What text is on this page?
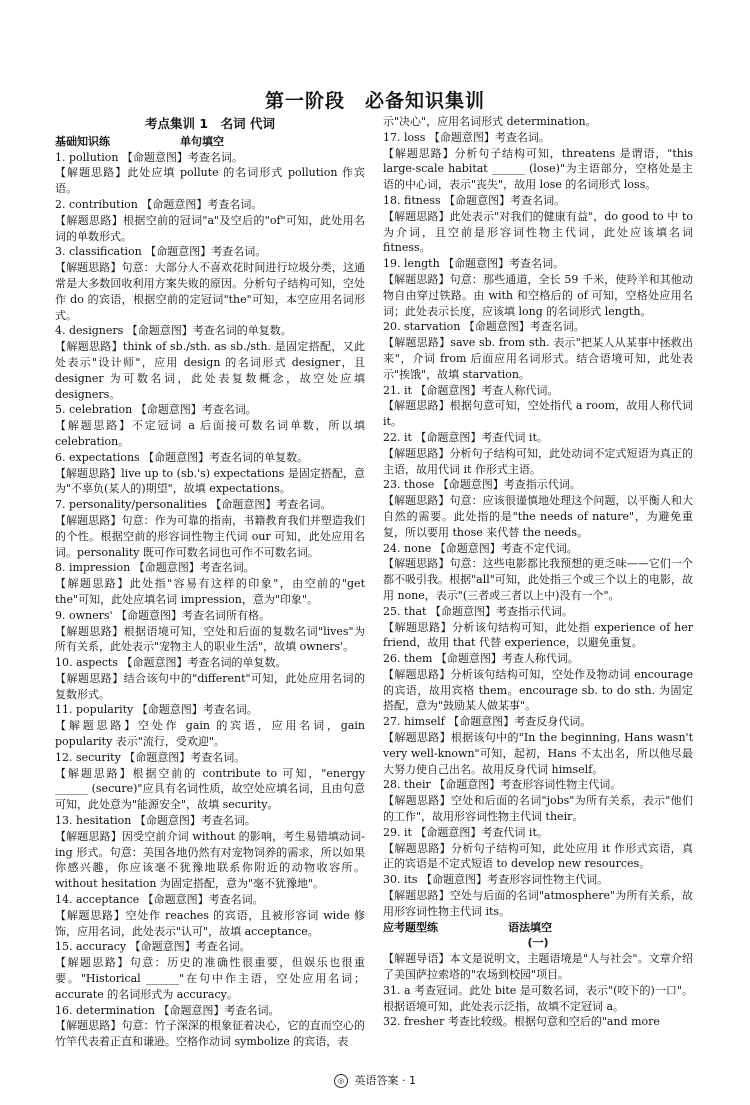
第一阶段　必备知识集训
考点集训 1　名词 代词
基础知识练	单句填空

1. pollution 【命题意图】考查名词。

【解题思路】此处应填 pollute 的名词形式 pollution 作宾语。

2. contribution 【命题意图】考查名词。

【解题思路】根据空前的冠词"a"及空后的"of"可知，此处用名词的单数形式。

3. classification 【命题意图】考查名词。

【解题思路】句意：大部分人不喜欢花时间进行垃圾分类，这通常是大多数回收利用方案失败的原因。分析句子结构可知，空处作 do 的宾语，根据空前的定冠词"the"可知，本空应用名词形式。

4. designers 【命题意图】考查名词的单复数。

【解题思路】think of sb./sth. as sb./sth. 是固定搭配，又此处表示"设计师"，应用 design 的名词形式 designer，且 designer 为可数名词，此处表复数概念，故空处应填 designers。

5. celebration 【命题意图】考查名词。

【解题思路】不定冠词 a 后面接可数名词单数，所以填 celebration。

6. expectations 【命题意图】考查名词的单复数。

【解题思路】live up to (sb.'s) expectations 是固定搭配，意为"不辜负(某人的)期望"，故填 expectations。

7. personality/personalities 【命题意图】考查名词。

【解题思路】句意：作为可靠的指南，书籍教育我们并塑造我们的个性。根据空前的形容词性物主代词 our 可知，此处应用名词。personality 既可作可数名词也可作不可数名词。

8. impression 【命题意图】考查名词。

【解题思路】此处指"容易有这样的印象"，由空前的"get the"可知，此处应填名词 impression，意为"印象"。

9. owners' 【命题意图】考查名词所有格。

【解题思路】根据语境可知，空处和后面的复数名词"lives"为所有关系，此处表示"宠物主人的职业生活"，故填 owners'。

10. aspects 【命题意图】考查名词的单复数。

【解题思路】结合该句中的"different"可知，此处应用名词的复数形式。

11. popularity 【命题意图】考查名词。

【解题思路】空处作 gain 的宾语，应用名词，gain popularity 表示"流行，受欢迎"。

12. security 【命题意图】考查名词。

【解题思路】根据空前的 contribute to 可知，"energy ______ (secure)"应具有名词性质，故空处应填名词，且由句意可知，此处意为"能源安全"，故填 security。

13. hesitation 【命题意图】考查名词。

【解题思路】因受空前介词 without 的影响，考生易错填动词-ing 形式。句意：美国各地仍然有对宠物饲养的需求，所以如果你感兴趣，你应该毫不犹豫地联系你附近的动物收容所。without hesitation 为固定搭配，意为"毫不犹豫地"。

14. acceptance 【命题意图】考查名词。

【解题思路】空处作 reaches 的宾语，且被形容词 wide 修饰，应用名词，此处表示"认可"，故填 acceptance。

15. accuracy 【命题意图】考查名词。

【解题思路】句意：历史的准确性很重要，但娱乐也很重要。"Historical ______"在句中作主语，空处应用名词；accurate 的名词形式为 accuracy。

16. determination 【命题意图】考查名词。

【解题思路】句意：竹子深深的根象征着决心，它的直而空心的竹竿代表着正直和谦逊。空格作动词 symbolize 的宾语，表

示"决心"，应用名词形式 determination。

17. loss 【命题意图】考查名词。

【解题思路】分析句子结构可知，threatens 是谓语，"this large-scale habitat ______ (lose)"为主语部分，空格处是主语的中心词，表示"丧失"，故用 lose 的名词形式 loss。

18. fitness 【命题意图】考查名词。

【解题思路】此处表示"对我们的健康有益"，do good to 中 to 为介词，且空前是形容词性物主代词，此处应该填名词 fitness。

19. length 【命题意图】考查名词。

【解题思路】句意：那些通道，全长 59 千米，使羚羊和其他动物自由穿过铁路。由 with 和空格后的 of 可知，空格处应用名词；此处表示长度，应该填 long 的名词形式 length。

20. starvation 【命题意图】考查名词。

【解题思路】save sb. from sth. 表示"把某人从某事中拯救出来"，介词 from 后面应用名词形式。结合语境可知，此处表示"挨饿"，故填 starvation。

21. it 【命题意图】考查人称代词。

【解题思路】根据句意可知，空处指代 a room，故用人称代词 it。

22. it 【命题意图】考查代词 it。

【解题思路】分析句子结构可知，此处动词不定式短语为真正的主语，故用代词 it 作形式主语。

23. those 【命题意图】考查指示代词。

【解题思路】句意：应该很谨慎地处理这个问题，以平衡人和大自然的需要。此处指的是"the needs of nature"，为避免重复，所以要用 those 来代替 the needs。

24. none 【命题意图】考查不定代词。

【解题思路】句意：这些电影都比我预想的更乏味——它们一个都不吸引我。根据"all"可知，此处指三个或三个以上的电影，故用 none，表示"(三者或三者以上中)没有一个"。

25. that 【命题意图】考查指示代词。

【解题思路】分析该句结构可知，此处指 experience of her friend，故用 that 代替 experience，以避免重复。

26. them 【命题意图】考查人称代词。

【解题思路】分析该句结构可知，空处作及物动词 encourage 的宾语，故用宾格 them。encourage sb. to do sth. 为固定搭配，意为"鼓励某人做某事"。

27. himself 【命题意图】考查反身代词。

【解题思路】根据该句中的"In the beginning, Hans wasn't very well-known"可知，起初，Hans 不太出名，所以他尽最大努力使自己出名。故用反身代词 himself。

28. their 【命题意图】考查形容词性物主代词。

【解题思路】空处和后面的名词"jobs"为所有关系，表示"他们的工作"，故用形容词性物主代词 their。

29. it 【命题意图】考查代词 it。

【解题思路】分析句子结构可知，此处应用 it 作形式宾语，真正的宾语是不定式短语 to develop new resources。

30. its 【命题意图】考查形容词性物主代词。

【解题思路】空处与后面的名词"atmosphere"为所有关系，故用形容词性物主代词 its。

应考题型练	语法填空
(一)

【解题导语】本文是说明文，主题语境是"人与社会"。文章介绍了美国萨拉索塔的"农场到校园"项目。

31. a 考查冠词。此处 bite 是可数名词，表示"(咬下的)一口"。根据语境可知，此处表示泛指，故填不定冠词 a。

32. fresher 考查比较级。根据句意和空后的"and more

◎ 英语答案 · 1
